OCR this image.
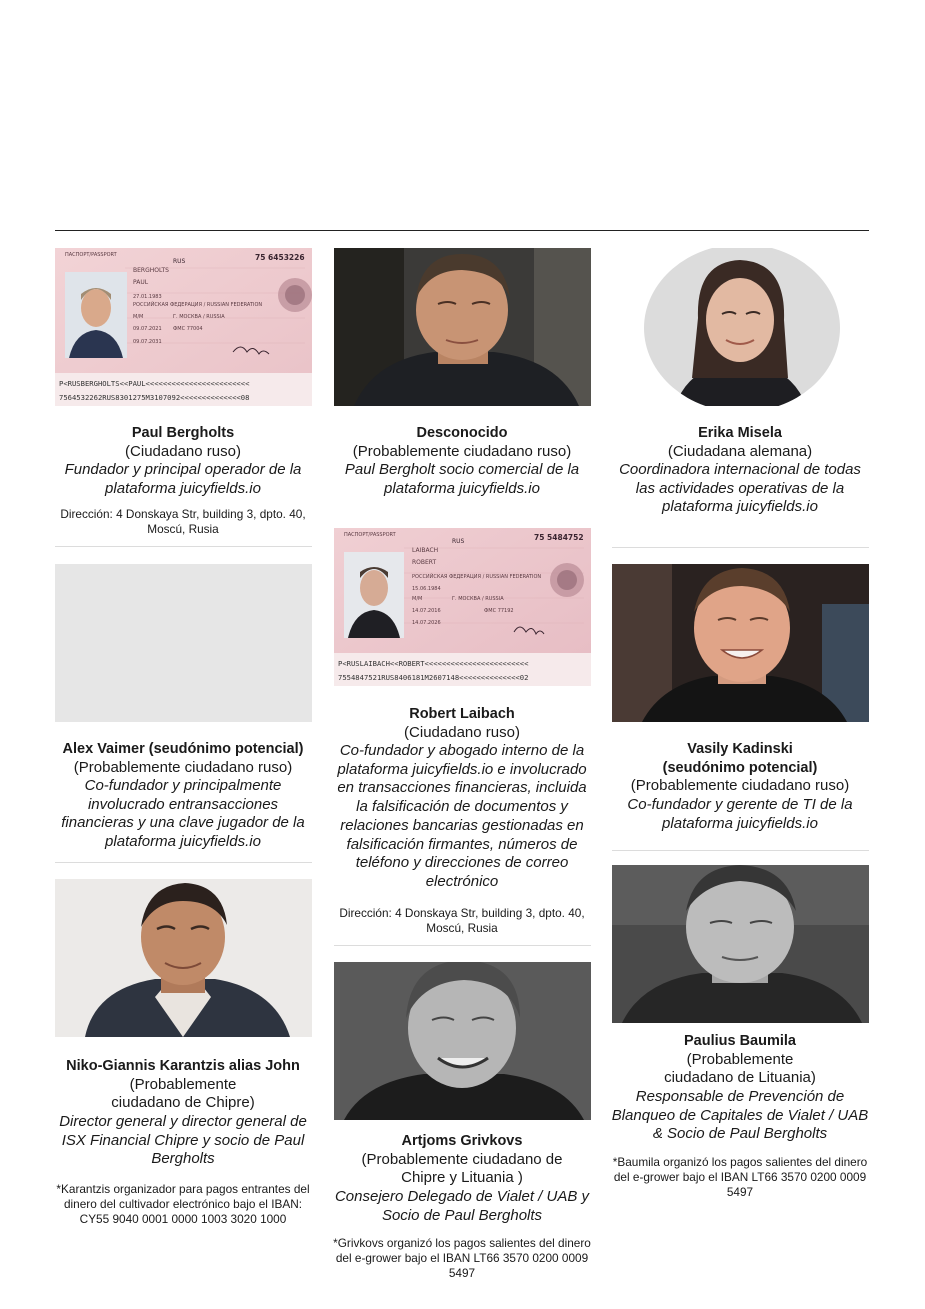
ПАСПОРТ/PASSPORT	75 6453226
RUS
BERGHOLTS
PAUL
27.01.1983
РОССИЙСКАЯ ФЕДЕРАЦИЯ / RUSSIAN FEDERATION
M/M	Г. МОСКВА / RUSSIA
09.07.2021 ФМС 77004
09.07.2031
P<RUSBERGHOLTS<<PAUL<<<<<<<<<<<<<<<<<<<<<<<<
7564532262RUS8301275M3107092<<<<<<<<<<<<<<08
Paul Bergholts
(Ciudadano ruso)
Fundador y principal operador de la plataforma juicyfields.io
Dirección: 4 Donskaya Str, building 3, dpto. 40, Moscú, Rusia
Alex Vaimer (seudónimo potencial)
(Probablemente ciudadano ruso)
Co-fundador y principalmente involucrado entransacciones financieras y una clave jugador de la plataforma juicyfields.io
Niko-Giannis Karantzis alias John
(Probablemente ciudadano de Chipre)
Director general y director general de ISX Financial Chipre y socio de Paul Bergholts
*Karantzis organizador para pagos entrantes del dinero del cultivador electrónico bajo el IBAN: CY55 9040 0001 0000 1003 3020 1000
Desconocido
(Probablemente ciudadano ruso)
Paul Bergholt socio comercial de la plataforma juicyfields.io
ПАСПОРТ/PASSPORT	75 5484752
RUS
LAIBACH
ROBERT
РОССИЙСКАЯ ФЕДЕРАЦИЯ / RUSSIAN FEDERATION
15.06.1984
M/M	Г. МОСКВА / RUSSIA
14.07.2016	ФМС 77192
14.07.2026
P<RUSLAIBACH<<ROBERT<<<<<<<<<<<<<<<<<<<<<<<<
7554847521RUS8406181M2607148<<<<<<<<<<<<<<02
Robert Laibach
(Ciudadano ruso)
Co-fundador y abogado interno de la plataforma juicyfields.io e involucrado en transacciones financieras, incluida la falsificación de documentos y relaciones bancarias gestionadas en falsificación firmantes, números de teléfono y direcciones de correo electrónico
Dirección: 4 Donskaya Str, building 3, dpto. 40, Moscú, Rusia
Artjoms Grivkovs
(Probablemente ciudadano de Chipre y Lituania )
Consejero Delegado de Vialet / UAB y Socio de Paul Bergholts
*Grivkovs organizó los pagos salientes del dinero del e-grower bajo el IBAN LT66 3570 0200 0009 5497
Erika Misela
(Ciudadana alemana)
Coordinadora internacional de todas las actividades operativas de la plataforma juicyfields.io
Vasily Kadinski (seudónimo potencial)
(Probablemente ciudadano ruso)
Co-fundador y gerente de TI de la plataforma juicyfields.io
Paulius Baumila
(Probablemente ciudadano de Lituania)
Responsable de Prevención de Blanqueo de Capitales de Vialet / UAB & Socio de Paul Bergholts
*Baumila organizó los pagos salientes del dinero del e-grower bajo el IBAN LT66 3570 0200 0009 5497
